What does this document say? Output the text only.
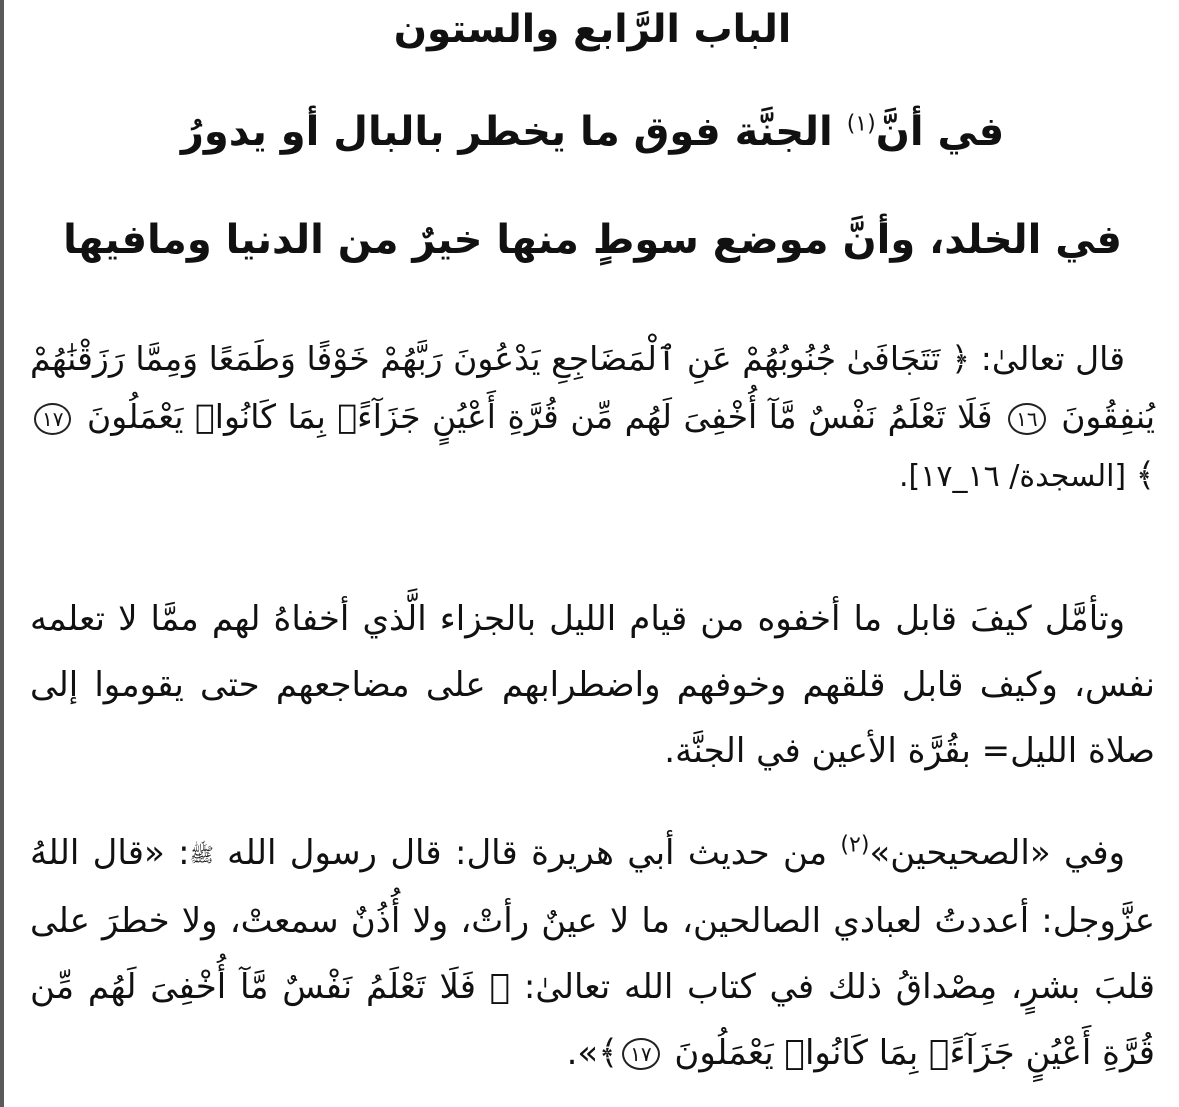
الباب الرَّابع والستون
في أنَّ$^{(١)}$ الجنَّة فوق ما يخطر بالبال أو يدورُ
في الخلد، وأنَّ موضع سوطٍ منها خيرٌ من الدنيا ومافيها

قال تعالىٰ: ﴿ تَتَجَافَىٰ جُنُوبُهُمْ عَنِ ٱلْمَضَاجِعِ يَدْعُونَ رَبَّهُمْ خَوْفًا وَطَمَعًا وَمِمَّا رَزَقْنَٰهُمْ يُنفِقُونَ ١٦ فَلَا تَعْلَمُ نَفْسٌ مَّآ أُخْفِىَ لَهُم مِّن قُرَّةِ أَعْيُنٍ جَزَآءًۢ بِمَا كَانُوا۟ يَعْمَلُونَ ١٧﴾ [السجدة/ ١٦_١٧].

وتأمَّل كيفَ قابل ما أخفوه من قيام الليل بالجزاء الَّذي أخفاهُ لهم ممَّا لا تعلمه نفس، وكيف قابل قلقهم وخوفهم واضطرابهم على مضاجعهم حتى يقوموا إلى صلاة الليل= بقُرَّة الأعين في الجنَّة.

وفي «الصحيحين»$^{(٢)}$ من حديث أبي هريرة قال: قال رسول الله ﷺ: «قال اللهُ عزَّوجل: أعددتُ لعبادي الصالحين، ما لا عينٌ رأتْ، ولا أُذُنٌ سمعتْ، ولا خطرَ على قلبَ بشرٍ، مِصْداقُ ذلك في كتاب الله تعالىٰ: ﴿ فَلَا تَعْلَمُ نَفْسٌ مَّآ أُخْفِىَ لَهُم مِّن قُرَّةِ أَعْيُنٍ جَزَآءًۢ بِمَا كَانُوا۟ يَعْمَلُونَ ١٧﴾».
